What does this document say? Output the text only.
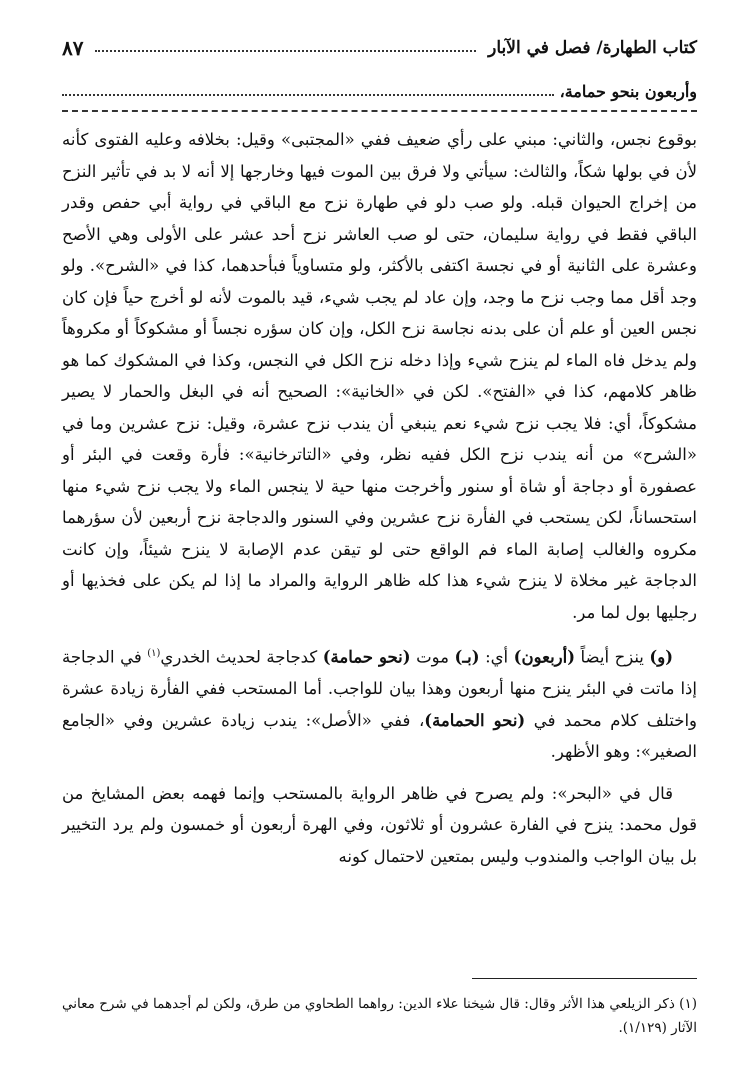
كتاب الطهارة/ فصل في الآبار
٨٧
وأربعون بنحو حمامة،

بوقوع نجس، والثاني: مبني على رأي ضعيف ففي «المجتبى» وقيل: بخلافه وعليه الفتوى كأنه لأن في بولها شكاً، والثالث: سيأتي ولا فرق بين الموت فيها وخارجها إلا أنه لا بد في تأثير النزح من إخراج الحيوان قبله. ولو صب دلو في طهارة نزح مع الباقي في رواية أبي حفص وقدر الباقي فقط في رواية سليمان، حتى لو صب العاشر نزح أحد عشر على الأولى وهي الأصح وعشرة على الثانية أو في نجسة اكتفى بالأكثر، ولو متساوياً فبأحدهما، كذا في «الشرح». ولو وجد أقل مما وجب نزح ما وجد، وإن عاد لم يجب شيء، قيد بالموت لأنه لو أخرج حياً فإن كان نجس العين أو علم أن على بدنه نجاسة نزح الكل، وإن كان سؤره نجساً أو مشكوكاً أو مكروهاً ولم يدخل فاه الماء لم ينزح شيء وإذا دخله نزح الكل في النجس، وكذا في المشكوك كما هو ظاهر كلامهم، كذا في «الفتح». لكن في «الخانية»: الصحيح أنه في البغل والحمار لا يصير مشكوكاً، أي: فلا يجب نزح شيء نعم ينبغي أن يندب نزح عشرة، وقيل: نزح عشرين وما في «الشرح» من أنه يندب نزح الكل ففيه نظر، وفي «التاترخانية»: فأرة وقعت في البئر أو عصفورة أو دجاجة أو شاة أو سنور وأخرجت منها حية لا ينجس الماء ولا يجب نزح شيء منها استحساناً، لكن يستحب في الفأرة نزح عشرين وفي السنور والدجاجة نزح أربعين لأن سؤرهما مكروه والغالب إصابة الماء فم الواقع حتى لو تيقن عدم الإصابة لا ينزح شيئاً، وإن كانت الدجاجة غير مخلاة لا ينزح شيء هذا كله ظاهر الرواية والمراد ما إذا لم يكن على فخذيها أو رجليها بول لما مر.

(و) ينزح أيضاً (أربعون) أي: (بـ) موت (نحو حمامة) كدجاجة لحديث الخدري$^{(١)}$ في الدجاجة إذا ماتت في البئر ينزح منها أربعون وهذا بيان للواجب. أما المستحب ففي الفأرة زيادة عشرة واختلف كلام محمد في (نحو الحمامة)، ففي «الأصل»: يندب زيادة عشرين وفي «الجامع الصغير»: وهو الأظهر.

قال في «البحر»: ولم يصرح في ظاهر الرواية بالمستحب وإنما فهمه بعض المشايخ من قول محمد: ينزح في الفارة عشرون أو ثلاثون، وفي الهرة أربعون أو خمسون ولم يرد التخيير بل بيان الواجب والمندوب وليس بمتعين لاحتمال كونه

(١) ذكر الزيلعي هذا الأثر وقال: قال شيخنا علاء الدين: رواهما الطحاوي من طرق، ولكن لم أجدهما في شرح معاني الآثار (١/١٢٩).
